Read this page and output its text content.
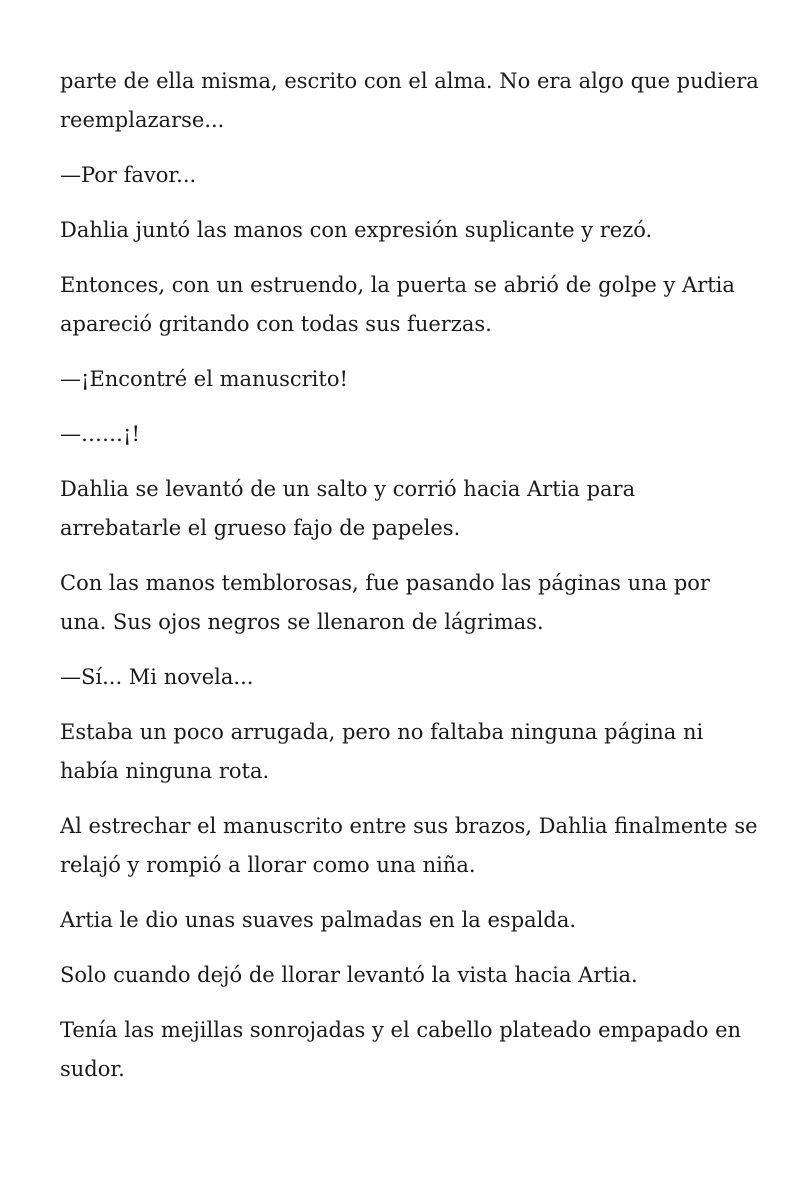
parte de ella misma, escrito con el alma. No era algo que pudiera reemplazarse...

—Por favor...

Dahlia juntó las manos con expresión suplicante y rezó.

Entonces, con un estruendo, la puerta se abrió de golpe y Artia apareció gritando con todas sus fuerzas.

—¡Encontré el manuscrito!

—……¡!

Dahlia se levantó de un salto y corrió hacia Artia para arrebatarle el grueso fajo de papeles.

Con las manos temblorosas, fue pasando las páginas una por una. Sus ojos negros se llenaron de lágrimas.

—Sí... Mi novela...

Estaba un poco arrugada, pero no faltaba ninguna página ni había ninguna rota.

Al estrechar el manuscrito entre sus brazos, Dahlia finalmente se relajó y rompió a llorar como una niña.

Artia le dio unas suaves palmadas en la espalda.

Solo cuando dejó de llorar levantó la vista hacia Artia.

Tenía las mejillas sonrojadas y el cabello plateado empapado en sudor.
